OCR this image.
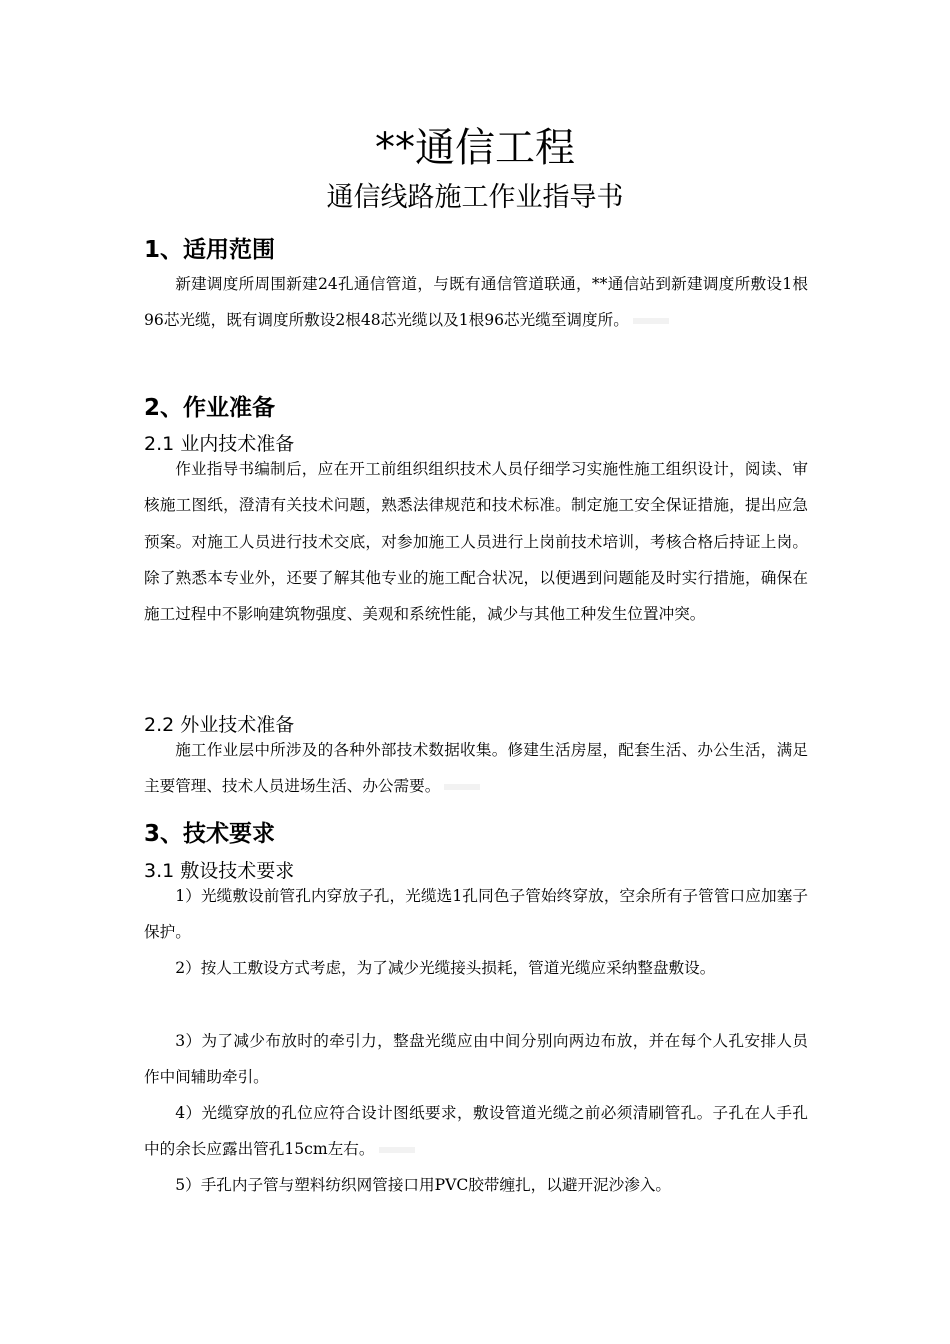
**通信工程
通信线路施工作业指导书
1、适用范围

新建调度所周围新建24孔通信管道，与既有通信管道联通，**通信站到新建调度所敷设1根96芯光缆，既有调度所敷设2根48芯光缆以及1根96芯光缆至调度所。

2、作业准备
2.1 业内技术准备

作业指导书编制后，应在开工前组织组织技术人员仔细学习实施性施工组织设计，阅读、审核施工图纸，澄清有关技术问题，熟悉法律规范和技术标准。制定施工安全保证措施，提出应急预案。对施工人员进行技术交底，对参加施工人员进行上岗前技术培训，考核合格后持证上岗。除了熟悉本专业外，还要了解其他专业的施工配合状况，以便遇到问题能及时实行措施，确保在施工过程中不影响建筑物强度、美观和系统性能，减少与其他工种发生位置冲突。

2.2 外业技术准备

施工作业层中所涉及的各种外部技术数据收集。修建生活房屋，配套生活、办公生活，满足主要管理、技术人员进场生活、办公需要。

3、技术要求
3.1 敷设技术要求

1）光缆敷设前管孔内穿放子孔，光缆选1孔同色子管始终穿放，空余所有子管管口应加塞子保护。

2）按人工敷设方式考虑，为了减少光缆接头损耗，管道光缆应采纳整盘敷设。

3）为了减少布放时的牵引力，整盘光缆应由中间分别向两边布放，并在每个人孔安排人员作中间辅助牵引。

4）光缆穿放的孔位应符合设计图纸要求，敷设管道光缆之前必须清刷管孔。子孔在人手孔中的余长应露出管孔15cm左右。

5）手孔内子管与塑料纺织网管接口用PVC胶带缠扎，以避开泥沙渗入。
